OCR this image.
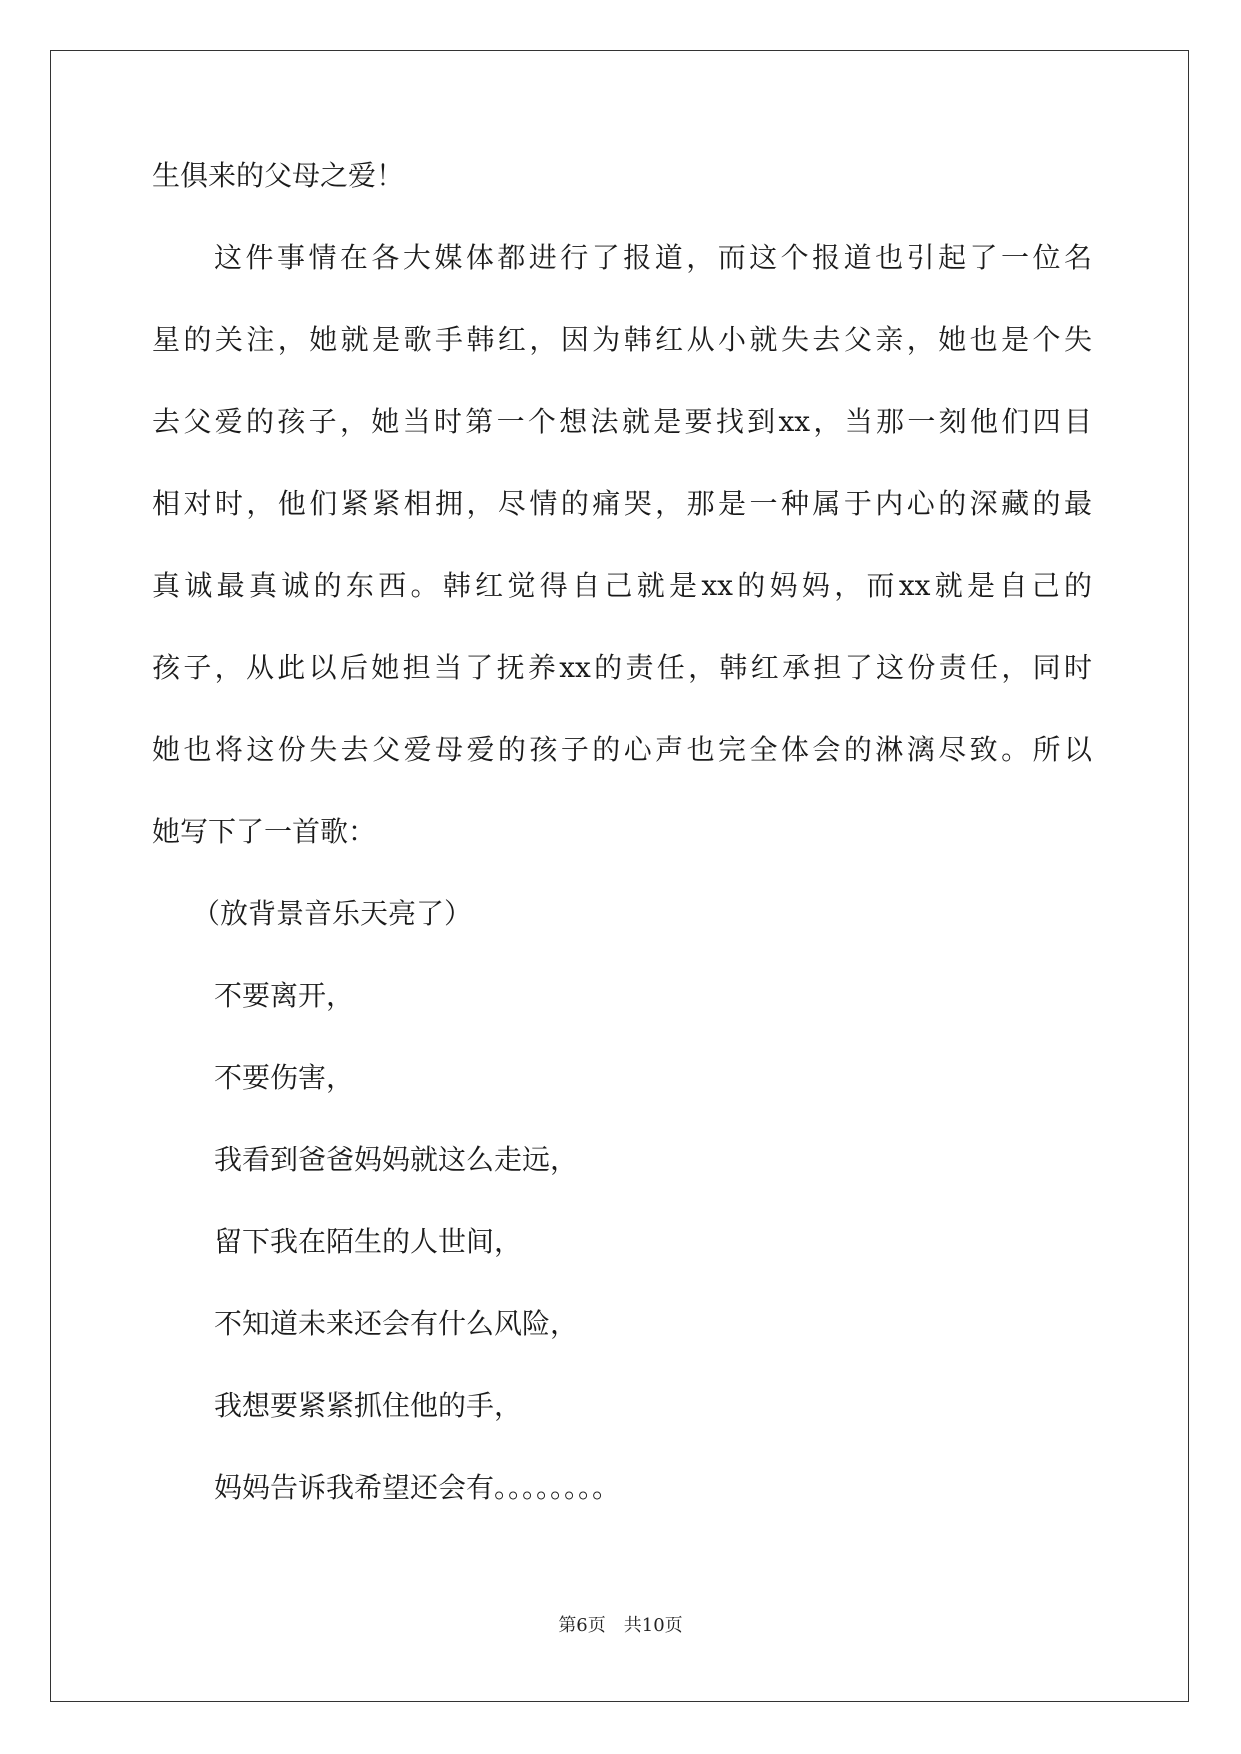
生俱来的父母之爱！
这件事情在各大媒体都进行了报道，而这个报道也引起了一位名
星的关注，她就是歌手韩红，因为韩红从小就失去父亲，她也是个失
去父爱的孩子，她当时第一个想法就是要找到xx，当那一刻他们四目
相对时，他们紧紧相拥，尽情的痛哭，那是一种属于内心的深藏的最
真诚最真诚的东西。韩红觉得自己就是xx的妈妈，而xx就是自己的
孩子，从此以后她担当了抚养xx的责任，韩红承担了这份责任，同时
她也将这份失去父爱母爱的孩子的心声也完全体会的淋漓尽致。所以
她写下了一首歌：
（放背景音乐天亮了）
不要离开，
不要伤害，
我看到爸爸妈妈就这么走远，
留下我在陌生的人世间，
不知道未来还会有什么风险，
我想要紧紧抓住他的手，
妈妈告诉我希望还会有。。。。。。。。
第6页　共10页
